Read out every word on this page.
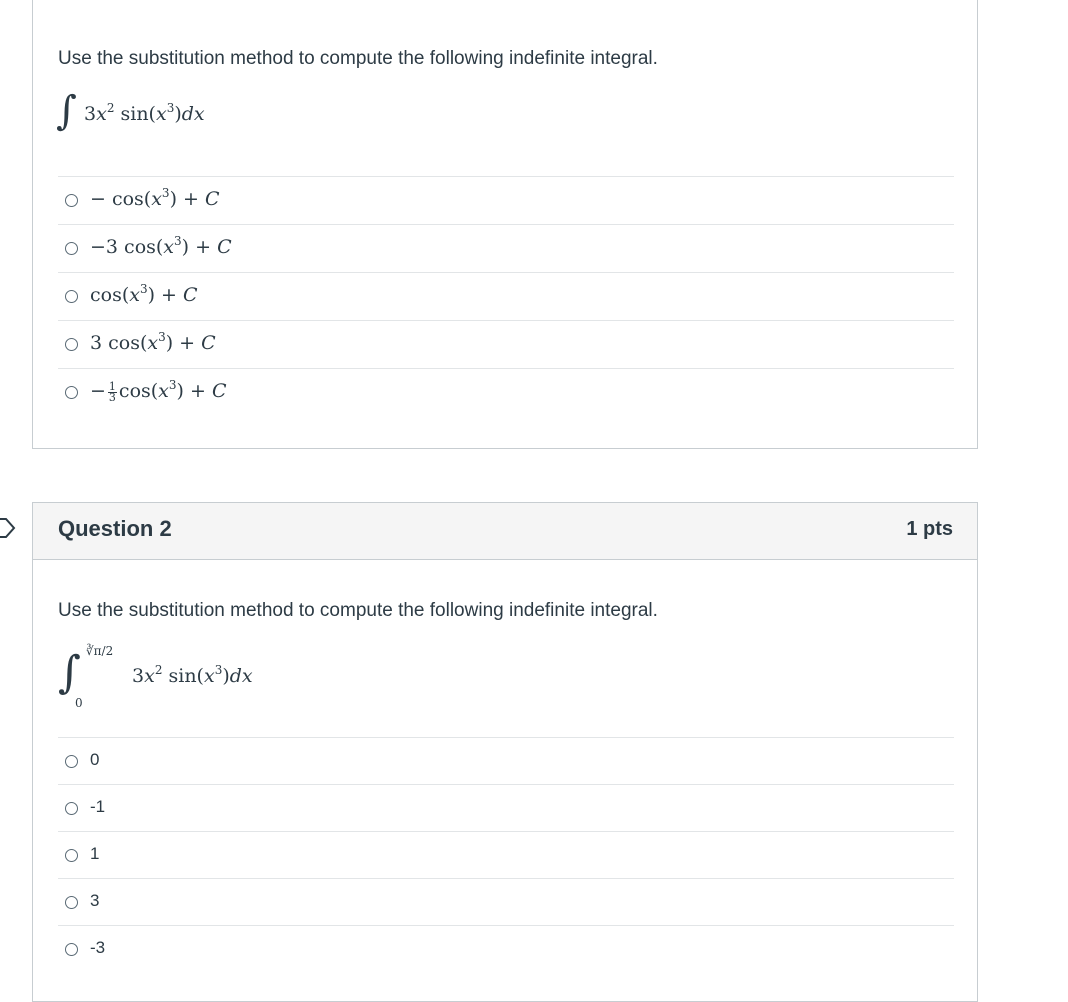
Use the substitution method to compute the following indefinite integral.
∫ $3x^2$ $\sin(x^3)dx$
− $\cos(x^3) + C$
−3 $\cos(x^3) + C$
$\cos(x^3) + C$
3 $\cos(x^3) + C$
− $\frac{1}{3} \cos(x^3) + C$
Question 2	1 pts
Use the substitution method to compute the following indefinite integral.
∫ ∛π/2
0
$3x^2$ $\sin(x^3)dx$
0
-1
1
3
-3
